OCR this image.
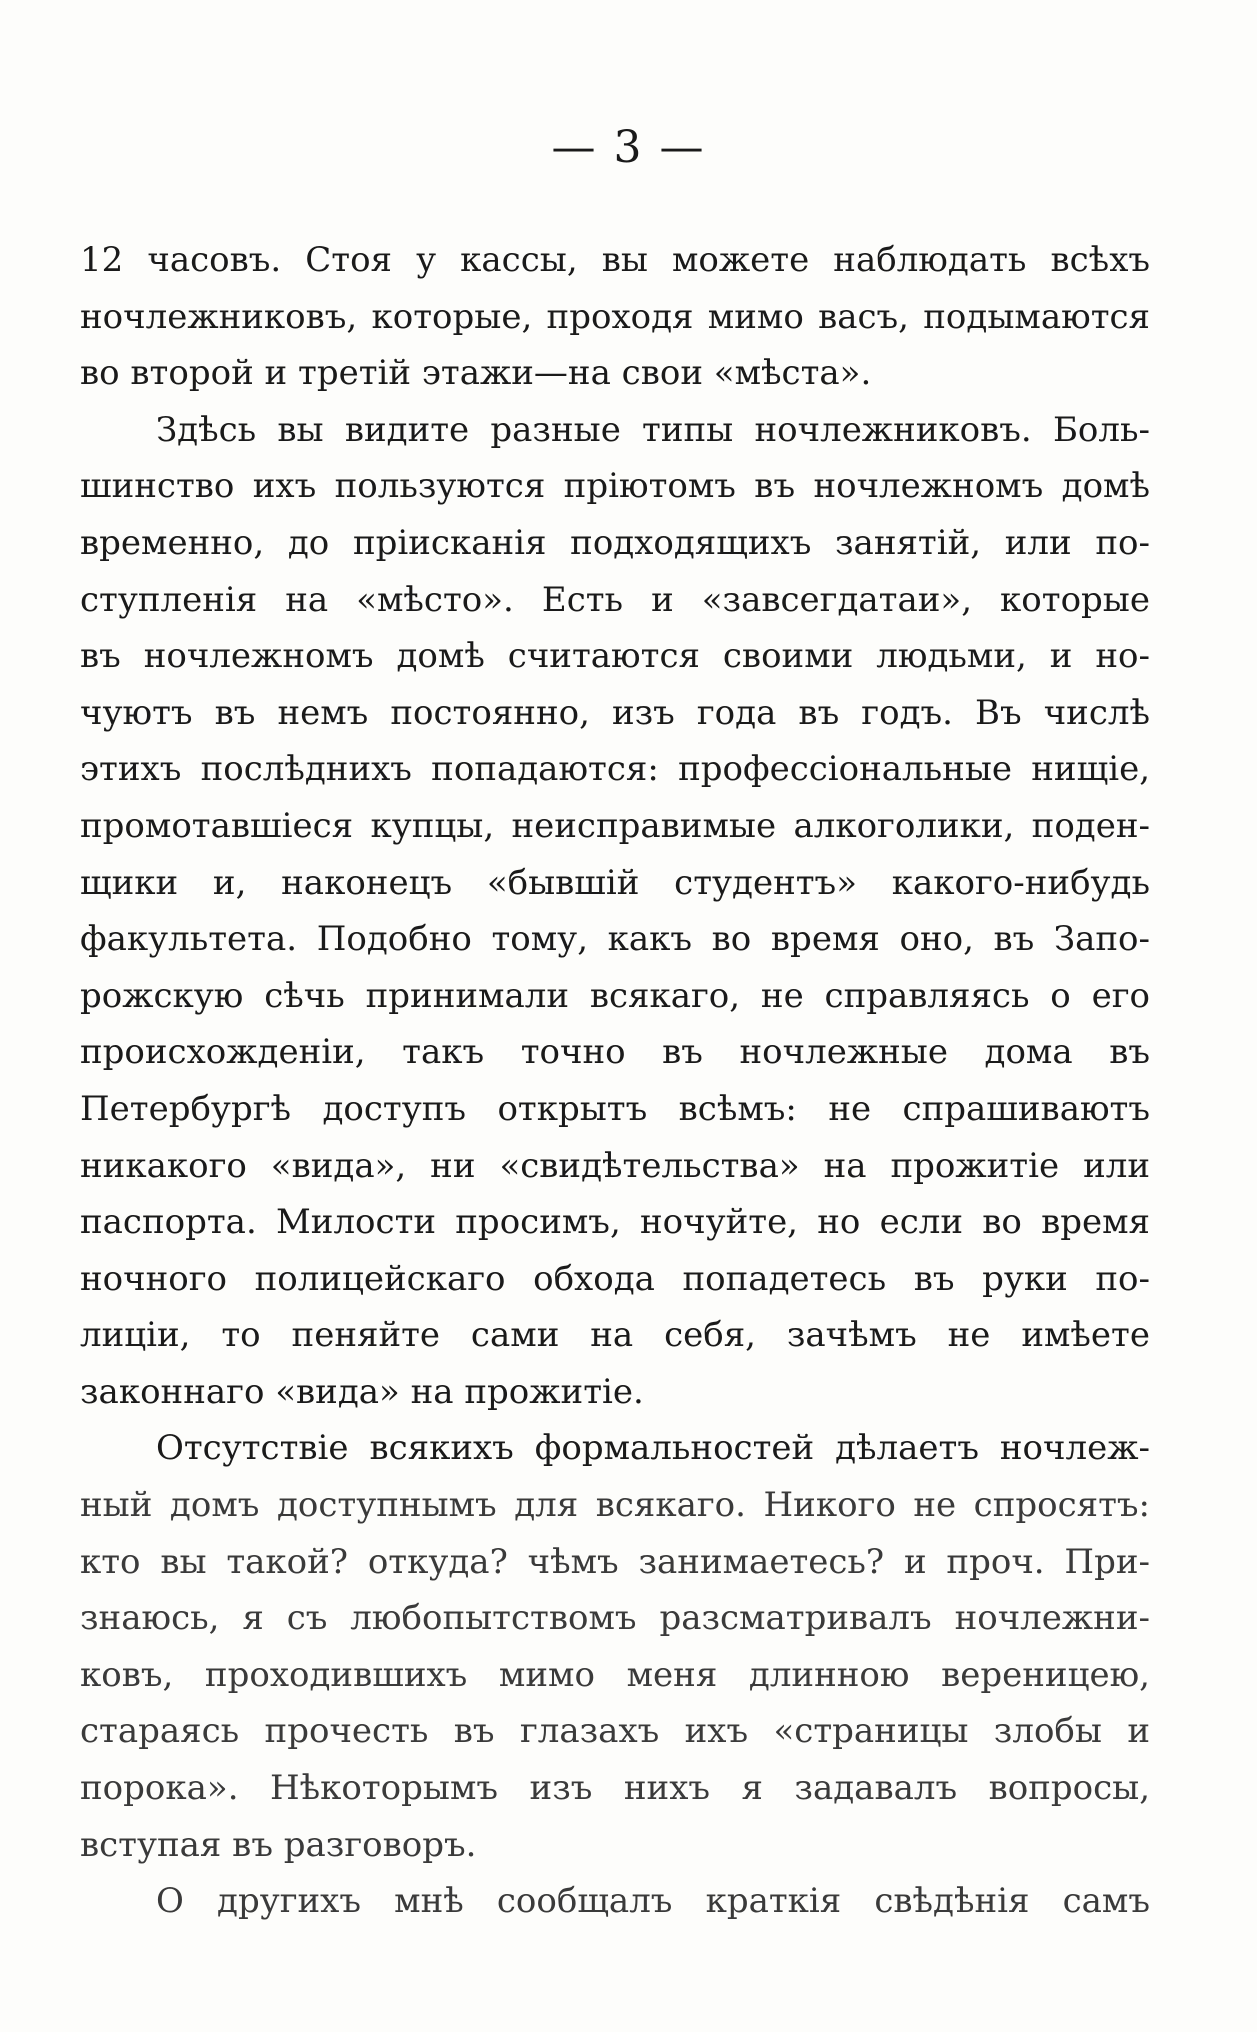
— 3 —
12 часовъ. Стоя у кассы, вы можете наблюдать всѣхъ
ночлежниковъ, которые, проходя мимо васъ, подымаются
во второй и третій этажи—на свои «мѣста».
Здѣсь вы видите разные типы ночлежниковъ. Боль-
шинство ихъ пользуются пріютомъ въ ночлежномъ домѣ
временно, до пріисканія подходящихъ занятій, или по-
ступленія на «мѣсто». Есть и «завсегдатаи», которые
въ ночлежномъ домѣ считаются своими людьми, и но-
чуютъ въ немъ постоянно, изъ года въ годъ. Въ числѣ
этихъ послѣднихъ попадаются: профессіональные нищіе,
промотавшіеся купцы, неисправимые алкоголики, поден-
щики и, наконецъ «бывшій студентъ» какого-нибудь
факультета. Подобно тому, какъ во время оно, въ Запо-
рожскую сѣчь принимали всякаго, не справляясь о его
происхожденіи, такъ точно въ ночлежные дома въ
Петербургѣ доступъ открытъ всѣмъ: не спрашиваютъ
никакого «вида», ни «свидѣтельства» на прожитіе или
паспорта. Милости просимъ, ночуйте, но если во время
ночного полицейскаго обхода попадетесь въ руки по-
лиціи, то пеняйте сами на себя, зачѣмъ не имѣете
законнаго «вида» на прожитіе.
Отсутствіе всякихъ формальностей дѣлаетъ ночлеж-
ный домъ доступнымъ для всякаго. Никого не спросятъ:
кто вы такой? откуда? чѣмъ занимаетесь? и проч. При-
знаюсь, я съ любопытствомъ разсматривалъ ночлежни-
ковъ, проходившихъ мимо меня длинною вереницею,
стараясь прочесть въ глазахъ ихъ «страницы злобы и
порока». Нѣкоторымъ изъ нихъ я задавалъ вопросы,
вступая въ разговоръ.
О другихъ мнѣ сообщалъ краткія свѣдѣнія самъ
